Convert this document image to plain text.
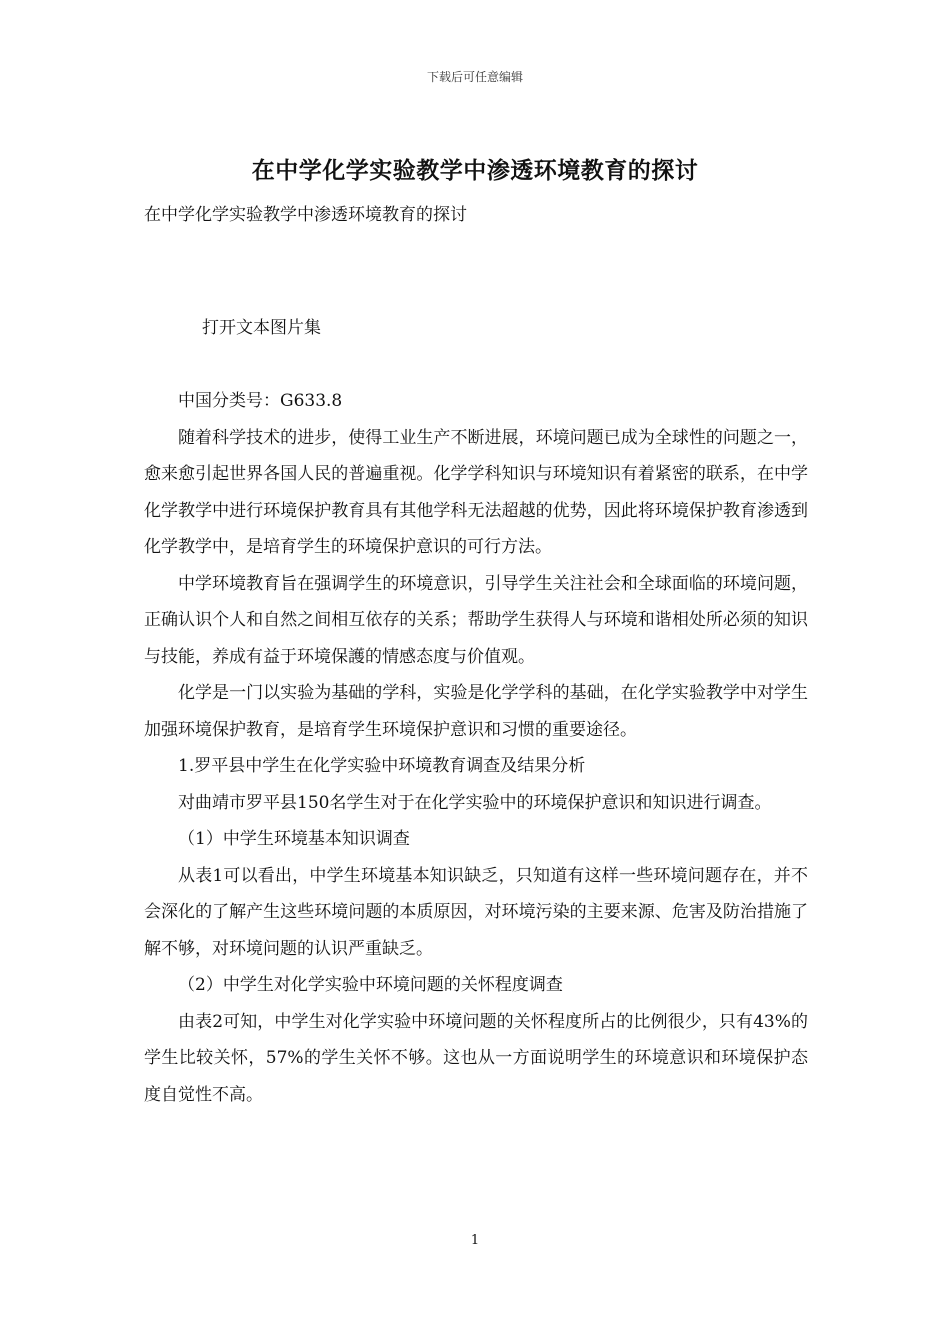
下载后可任意编辑
在中学化学实验教学中渗透环境教育的探讨
在中学化学实验教学中渗透环境教育的探讨
打开文本图片集

中国分类号：G633.8

随着科学技术的进步，使得工业生产不断进展，环境问题已成为全球性的问题之一，愈来愈引起世界各国人民的普遍重视。化学学科知识与环境知识有着紧密的联系，在中学化学教学中进行环境保护教育具有其他学科无法超越的优势，因此将环境保护教育渗透到化学教学中，是培育学生的环境保护意识的可行方法。

中学环境教育旨在强调学生的环境意识，引导学生关注社会和全球面临的环境问题，正确认识个人和自然之间相互依存的关系；帮助学生获得人与环境和谐相处所必须的知识与技能，养成有益于环境保護的情感态度与价值观。

化学是一门以实验为基础的学科，实验是化学学科的基础，在化学实验教学中对学生加强环境保护教育，是培育学生环境保护意识和习惯的重要途径。

1.罗平县中学生在化学实验中环境教育调查及结果分析

对曲靖市罗平县150名学生对于在化学实验中的环境保护意识和知识进行调查。

（1）中学生环境基本知识调查

从表1可以看出，中学生环境基本知识缺乏，只知道有这样一些环境问题存在，并不会深化的了解产生这些环境问题的本质原因，对环境污染的主要来源、危害及防治措施了解不够，对环境问题的认识严重缺乏。

（2）中学生对化学实验中环境问题的关怀程度调查

由表2可知，中学生对化学实验中环境问题的关怀程度所占的比例很少，只有43%的学生比较关怀，57%的学生关怀不够。这也从一方面说明学生的环境意识和环境保护态度自觉性不高。

1
